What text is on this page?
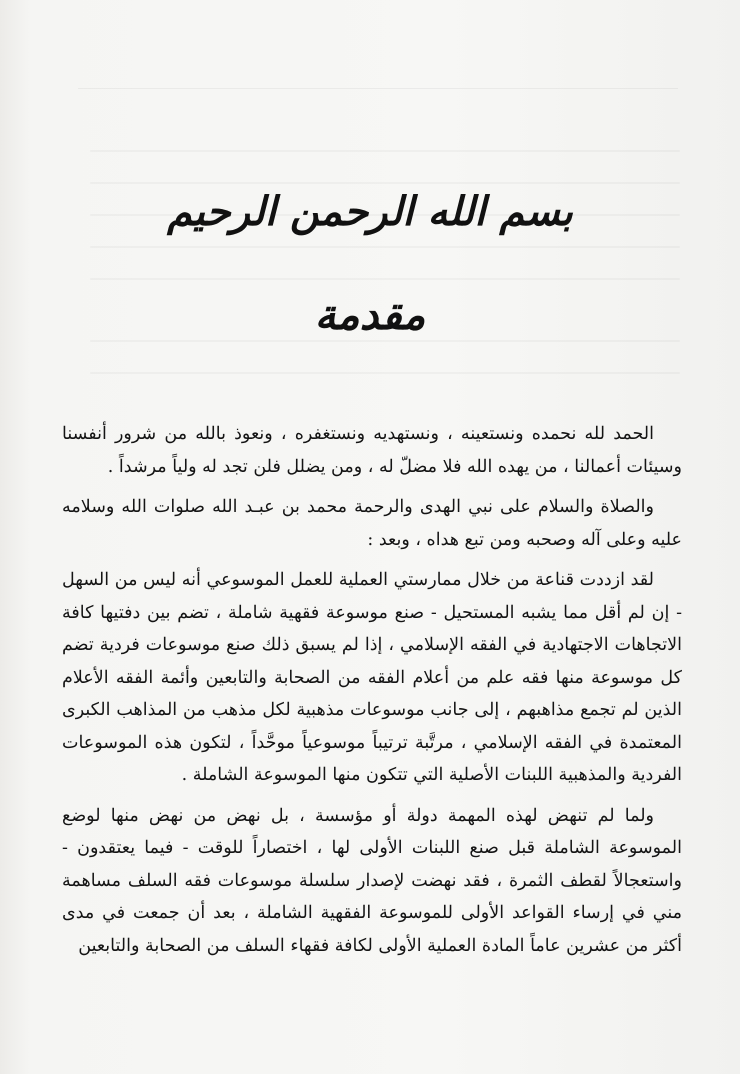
بسم الله الرحمن الرحيم
مقدمة

الحمد لله نحمده ونستعينه ، ونستهديه ونستغفره ، ونعوذ بالله من شرور أنفسنا وسيئات أعمالنا ، من يهده الله فلا مضلّ له ، ومن يضلل فلن تجد له ولياً مرشداً .

والصلاة والسلام على نبي الهدى والرحمة محمد بن عبـد الله صلوات الله وسلامه عليه وعلى آله وصحبه ومن تبع هداه ، وبعد :

لقد ازددت قناعة من خلال ممارستي العملية للعمل الموسوعي أنه ليس من السهل - إن لم أقل مما يشبه المستحيل - صنع موسوعة فقهية شاملة ، تضم بين دفتيها كافة الاتجاهات الاجتهادية في الفقه الإسلامي ، إذا لم يسبق ذلك صنع موسوعات فردية تضم كل موسوعة منها فقه علم من أعلام الفقه من الصحابة والتابعين وأئمة الفقه الأعلام الذين لم تجمع مذاهبهم ، إلى جانب موسوعات مذهبية لكل مذهب من المذاهب الكبرى المعتمدة في الفقه الإسلامي ، مرتَّبة ترتيباً موسوعياً موحَّداً ، لتكون هذه الموسوعات الفردية والمذهبية اللبنات الأصلية التي تتكون منها الموسوعة الشاملة .

ولما لم تنهض لهذه المهمة دولة أو مؤسسة ، بل نهض من نهض منها لوضع الموسوعة الشاملة قبل صنع اللبنات الأولى لها ، اختصاراً للوقت - فيما يعتقدون - واستعجالاً لقطف الثمرة ، فقد نهضت لإصدار سلسلة موسوعات فقه السلف مساهمة مني في إرساء القواعد الأولى للموسوعة الفقهية الشاملة ، بعد أن جمعت في مدى أكثر من عشرين عاماً المادة العملية الأولى لكافة فقهاء السلف من الصحابة والتابعين
